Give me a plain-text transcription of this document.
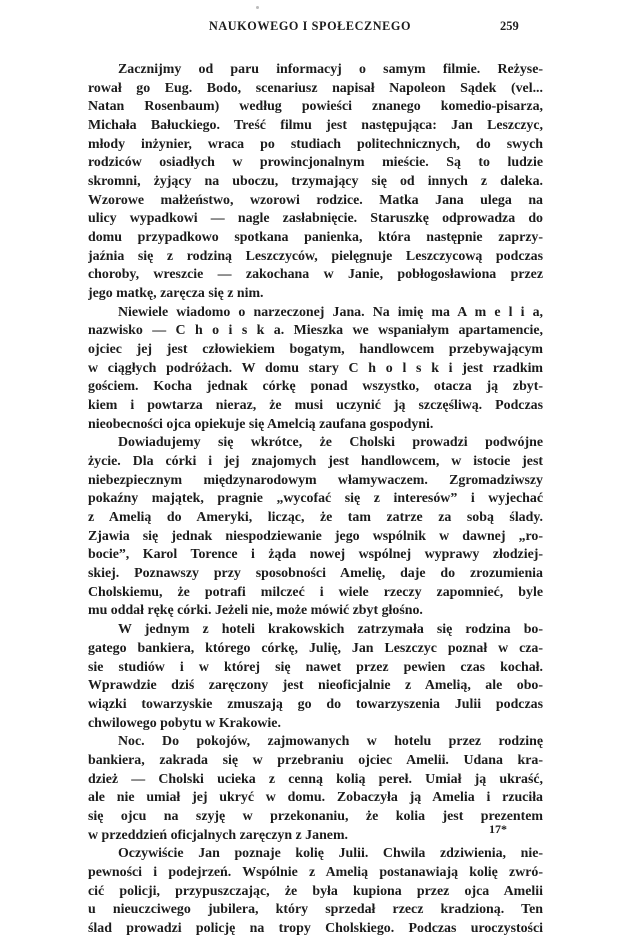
NAUKOWEGO I SPOŁECZNEGO	259
Zacznijmy od paru informacyj o samym filmie. Reżyse-
rował go Eug. Bodo, scenariusz napisał Napoleon Sądek (vel...
Natan Rosenbaum) według powieści znanego komedio-pisarza,
Michała Bałuckiego. Treść filmu jest następująca: Jan Leszczyc,
młody inżynier, wraca po studiach politechnicznych, do swych
rodziców osiadłych w prowincjonalnym mieście. Są to ludzie
skromni, żyjący na uboczu, trzymający się od innych z daleka.
Wzorowe małżeństwo, wzorowi rodzice. Matka Jana ulega na
ulicy wypadkowi — nagle zasłabnięcie. Staruszkę odprowadza do
domu przypadkowo spotkana panienka, która następnie zaprzy-
jaźnia się z rodziną Leszczyców, pielęgnuje Leszczycową podczas
choroby, wreszcie — zakochana w Janie, pobłogosławiona przez
jego matkę, zaręcza się z nim.
Niewiele wiadomo o narzeczonej Jana. Na imię ma A m e l i a,
nazwisko — C h o i s k a. Mieszka we wspaniałym apartamencie,
ojciec jej jest człowiekiem bogatym, handlowcem przebywającym
w ciągłych podróżach. W domu stary C h o l s k i jest rzadkim
gościem. Kocha jednak córkę ponad wszystko, otacza ją zbyt-
kiem i powtarza nieraz, że musi uczynić ją szczęśliwą. Podczas
nieobecności ojca opiekuje się Amelcią zaufana gospodyni.
Dowiadujemy się wkrótce, że Cholski prowadzi podwójne
życie. Dla córki i jej znajomych jest handlowcem, w istocie jest
niebezpiecznym międzynarodowym włamywaczem. Zgromadziwszy
pokaźny majątek, pragnie „wycofać się z interesów” i wyjechać
z Amelią do Ameryki, licząc, że tam zatrze za sobą ślady.
Zjawia się jednak niespodziewanie jego wspólnik w dawnej „ro-
bocie”, Karol Torence i żąda nowej wspólnej wyprawy złodziej-
skiej. Poznawszy przy sposobności Amelię, daje do zrozumienia
Cholskiemu, że potrafi milczeć i wiele rzeczy zapomnieć, byle
mu oddał rękę córki. Jeżeli nie, może mówić zbyt głośno.
W jednym z hoteli krakowskich zatrzymała się rodzina bo-
gatego bankiera, którego córkę, Julię, Jan Leszczyc poznał w cza-
sie studiów i w której się nawet przez pewien czas kochał.
Wprawdzie dziś zaręczony jest nieoficjalnie z Amelią, ale obo-
wiązki towarzyskie zmuszają go do towarzyszenia Julii podczas
chwilowego pobytu w Krakowie.
Noc. Do pokojów, zajmowanych w hotelu przez rodzinę
bankiera, zakrada się w przebraniu ojciec Amelii. Udana kra-
dzież — Cholski ucieka z cenną kolią pereł. Umiał ją ukraść,
ale nie umiał jej ukryć w domu. Zobaczyła ją Amelia i rzuciła
się ojcu na szyję w przekonaniu, że kolia jest prezentem
w przeddzień oficjalnych zaręczyn z Janem.
Oczywiście Jan poznaje kolię Julii. Chwila zdziwienia, nie-
pewności i podejrzeń. Wspólnie z Amelią postanawiają kolię zwró-
cić policji, przypuszczając, że była kupiona przez ojca Amelii
u nieuczciwego jubilera, który sprzedał rzecz kradzioną. Ten
ślad prowadzi policję na tropy Cholskiego. Podczas uroczystości
17*
